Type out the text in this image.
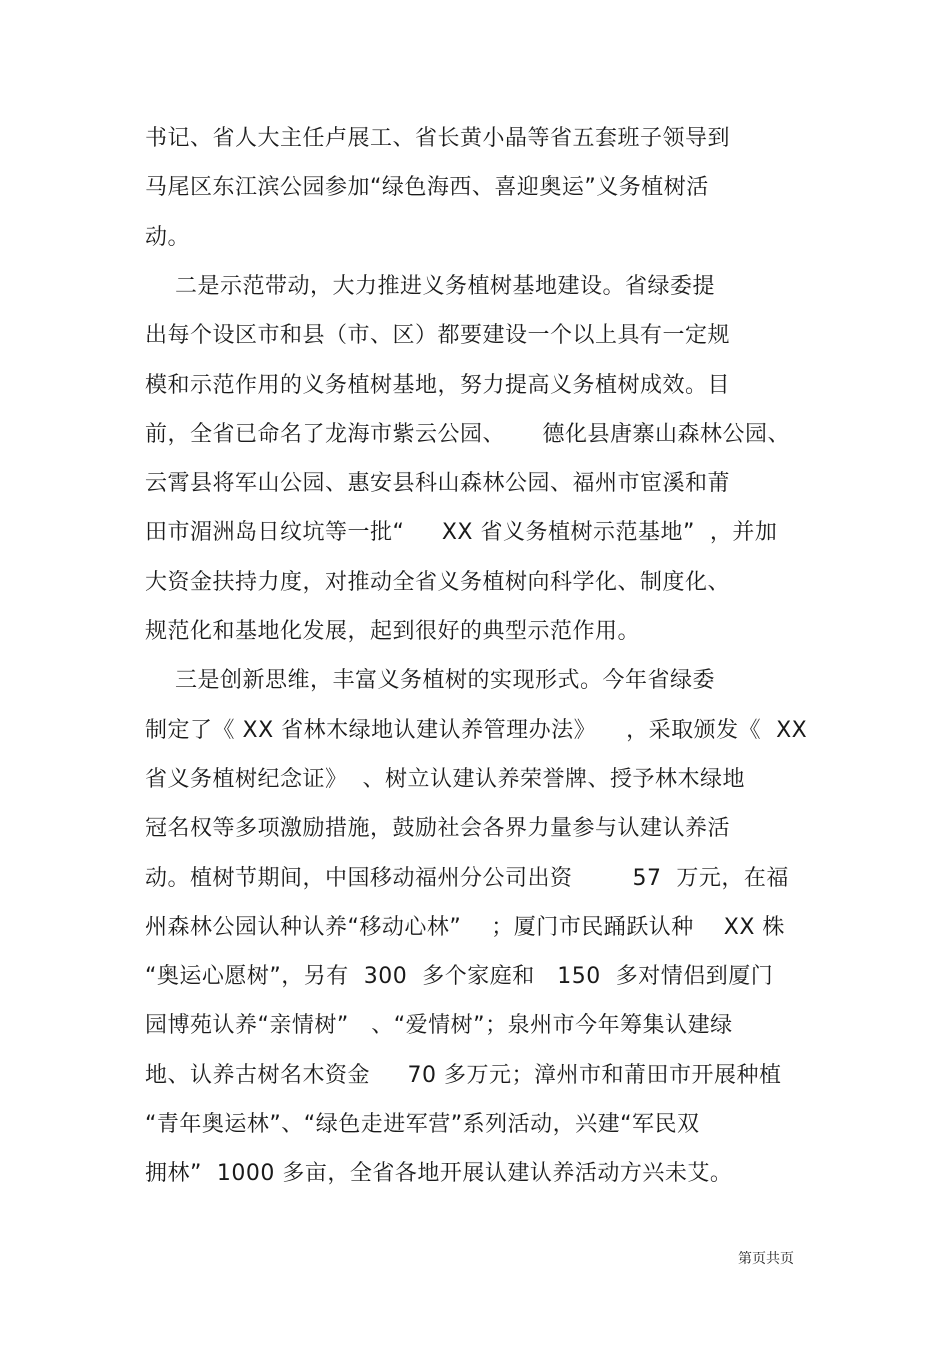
书记、省人大主任卢展工、省长黄小晶等省五套班子领导到
马尾区东江滨公园参加“绿色海西、喜迎奥运”义务植树活
动。
二是示范带动，大力推进义务植树基地建设。省绿委提
出每个设区市和县（市、区）都要建设一个以上具有一定规
模和示范作用的义务植树基地，努力提高义务植树成效。目
前，全省已命名了龙海市紫云公园、     德化县唐寨山森林公园、
云霄县将军山公园、惠安县科山森林公园、福州市宦溪和莆
田市湄洲岛日纹坑等一批“     XX 省义务植树示范基地”  ，并加
大资金扶持力度，对推动全省义务植树向科学化、制度化、
规范化和基地化发展，起到很好的典型示范作用。
三是创新思维，丰富义务植树的实现形式。今年省绿委
制定了《 XX 省林木绿地认建认养管理办法》    ，采取颁发《  XX
省义务植树纪念证》  、树立认建认养荣誉牌、授予林木绿地
冠名权等多项激励措施，鼓励社会各界力量参与认建认养活
动。植树节期间，中国移动福州分公司出资        57  万元，在福
州森林公园认种认养“移动心林”    ；厦门市民踊跃认种    XX 株
“奥运心愿树”，另有  300  多个家庭和   150  多对情侣到厦门
园博苑认养“亲情树”   、“爱情树”；泉州市今年筹集认建绿
地、认养古树名木资金     70 多万元；漳州市和莆田市开展种植
“青年奥运林”、“绿色走进军营”系列活动，兴建“军民双
拥林”  1000 多亩，全省各地开展认建认养活动方兴未艾。
第页共页
